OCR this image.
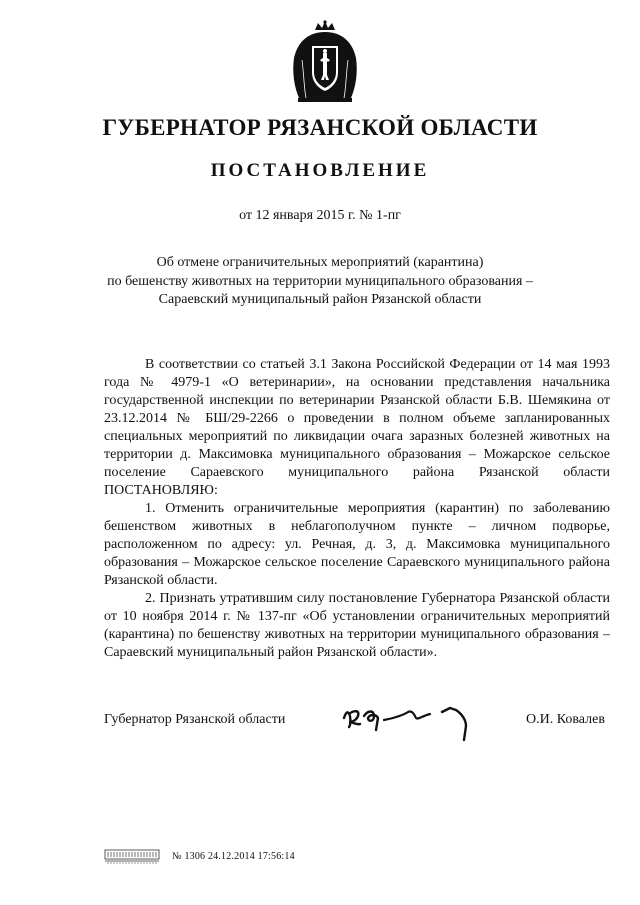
ГУБЕРНАТОР РЯЗАНСКОЙ ОБЛАСТИ
ПОСТАНОВЛЕНИЕ
от 12 января 2015 г. № 1-пг
Об отмене ограничительных мероприятий (карантина)
по бешенству животных на территории муниципального образования –
Сараевский муниципальный район Рязанской области

В соответствии со статьей 3.1 Закона Российской Федерации от 14 мая 1993 года № 4979-1 «О ветеринарии», на основании представления начальника государственной инспекции по ветеринарии Рязанской области Б.В. Шемякина от 23.12.2014 № БШ/29-2266 о проведении в полном объеме запланированных специальных мероприятий по ликвидации очага заразных болезней животных на территории д. Максимовка муниципального образования – Можарское сельское поселение Сараевского муниципального района Рязанской области ПОСТАНОВЛЯЮ:

1. Отменить ограничительные мероприятия (карантин) по заболеванию бешенством животных в неблагополучном пункте – личном подворье, расположенном по адресу: ул. Речная, д. 3, д. Максимовка муниципального образования – Можарское сельское поселение Сараевского муниципального района Рязанской области.

2. Признать утратившим силу постановление Губернатора Рязанской области от 10 ноября 2014 г. № 137-пг «Об установлении ограничительных мероприятий (карантина) по бешенству животных на территории муниципального образования – Сараевский муниципальный район Рязанской области».

Губернатор Рязанской области	О.И. Ковалев
№ 1306 24.12.2014 17:56:14
